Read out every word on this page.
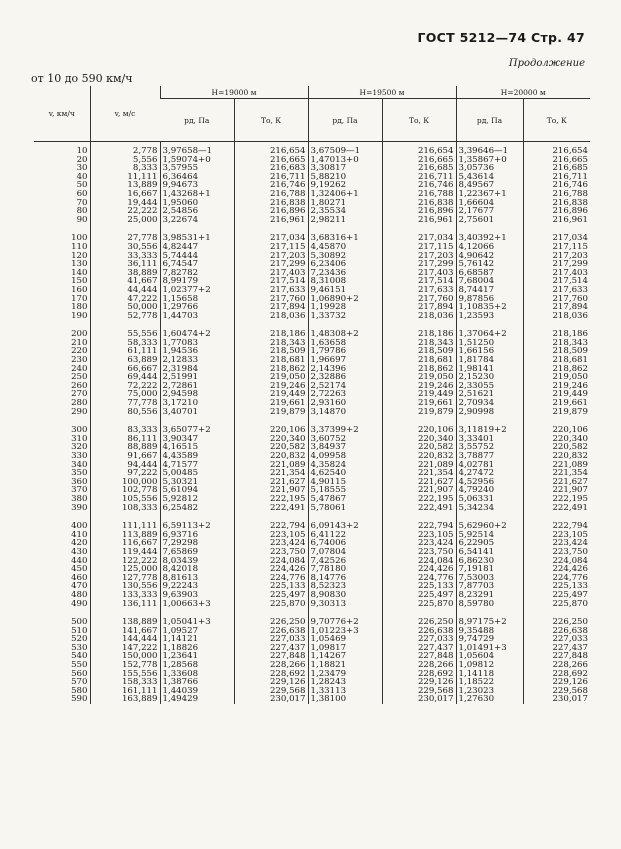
ГОСТ 5212—74 Стр. 47
Продолжение
от 10 до 590 км/ч
v, км/ч	v, м/с	H=19000 м		H=19500 м		H=20000 м	
		pд, Па	Tо, К	pд, Па	Tо, К	pд, Па	Tо, К

10	2,778	3,97658—1	216,654	3,67509—1	216,654	3,39646—1	216,654
20	5,556	1,59074+0	216,665	1,47013+0	216,665	1,35867+0	216,665
30	8,333	3,57955	216,683	3,30817	216,685	3,05736	216,685
40	11,111	6,36464	216,711	5,88210	216,711	5,43614	216,711
50	13,889	9,94673	216,746	9,19262	216,746	8,49567	216,746
60	16,667	1,43268+1	216,788	1,32406+1	216,788	1,22367+1	216,788
70	19,444	1,95060	216,838	1,80271	216,838	1,66604	216,838
80	22,222	2,54856	216,896	2,35534	216,896	2,17677	216,896
90	25,000	3,22674	216,961	2,98211	216,961	2,75601	216,961

100	27,778	3,98531+1	217,034	3,68316+1	217,034	3,40392+1	217,034
110	30,556	4,82447	217,115	4,45870	217,115	4,12066	217,115
120	33,333	5,74444	217,203	5,30892	217,203	4,90642	217,203
130	36,111	6,74547	217,299	6,23406	217,299	5,76142	217,299
140	38,889	7,82782	217,403	7,23436	217,403	6,68587	217,403
150	41,667	8,99179	217,514	8,31008	217,514	7,68004	217,514
160	44,444	1,02377+2	217,633	9,46151	217,633	8,74417	217,633
170	47,222	1,15658	217,760	1,06890+2	217,760	9,87856	217,760
180	50,000	1,29766	217,894	1,19928	217,894	1,10835+2	217,894
190	52,778	1,44703	218,036	1,33732	218,036	1,23593	218,036

200	55,556	1,60474+2	218,186	1,48308+2	218,186	1,37064+2	218,186
210	58,333	1,77083	218,343	1,63658	218,343	1,51250	218,343
220	61,111	1,94536	218,509	1,79786	218,509	1,66156	218,509
230	63,889	2,12833	218,681	1,96697	218,681	1,81784	218,681
240	66,667	2,31984	218,862	2,14396	218,862	1,98141	218,862
250	69,444	2,51991	219,050	2,32886	219,050	2,15230	219,050
260	72,222	2,72861	219,246	2,52174	219,246	2,33055	219,246
270	75,000	2,94598	219,449	2,72263	219,449	2,51621	219,449
280	77,778	3,17210	219,661	2,93160	219,661	2,70934	219,661
290	80,556	3,40701	219,879	3,14870	219,879	2,90998	219,879

300	83,333	3,65077+2	220,106	3,37399+2	220,106	3,11819+2	220,106
310	86,111	3,90347	220,340	3,60752	220,340	3,33401	220,340
320	88,889	4,16515	220,582	3,84937	220,582	3,55752	220,582
330	91,667	4,43589	220,832	4,09958	220,832	3,78877	220,832
340	94,444	4,71577	221,089	4,35824	221,089	4,02781	221,089
350	97,222	5,00485	221,354	4,62540	221,354	4,27472	221,354
360	100,000	5,30321	221,627	4,90115	221,627	4,52956	221,627
370	102,778	5,61094	221,907	5,18555	221,907	4,79240	221,907
380	105,556	5,92812	222,195	5,47867	222,195	5,06331	222,195
390	108,333	6,25482	222,491	5,78061	222,491	5,34234	222,491

400	111,111	6,59113+2	222,794	6,09143+2	222,794	5,62960+2	222,794
410	113,889	6,93716	223,105	6,41122	223,105	5,92514	223,105
420	116,667	7,29298	223,424	6,74006	223,424	6,22905	223,424
430	119,444	7,65869	223,750	7,07804	223,750	6,54141	223,750
440	122,222	8,03439	224,084	7,42526	224,084	6,86230	224,084
450	125,000	8,42018	224,426	7,78180	224,426	7,19181	224,426
460	127,778	8,81613	224,776	8,14776	224,776	7,53003	224,776
470	130,556	9,22243	225,133	8,52323	225,133	7,87703	225,133
480	133,333	9,63903	225,497	8,90830	225,497	8,23291	225,497
490	136,111	1,00663+3	225,870	9,30313	225,870	8,59780	225,870

500	138,889	1,05041+3	226,250	9,70776+2	226,250	8,97175+2	226,250
510	141,667	1,09527	226,638	1,01223+3	226,638	9,35488	226,638
520	144,444	1,14121	227,033	1,05469	227,033	9,74729	227,033
530	147,222	1,18826	227,437	1,09817	227,437	1,01491+3	227,437
540	150,000	1,23641	227,848	1,14267	227,848	1,05604	227,848
550	152,778	1,28568	228,266	1,18821	228,266	1,09812	228,266
560	155,556	1,33608	228,692	1,23479	228,692	1,14118	228,692
570	158,333	1,38766	229,126	1,28243	229,126	1,18522	229,126
580	161,111	1,44039	229,568	1,33113	229,568	1,23023	229,568
590	163,889	1,49429	230,017	1,38100	230,017	1,27630	230,017
